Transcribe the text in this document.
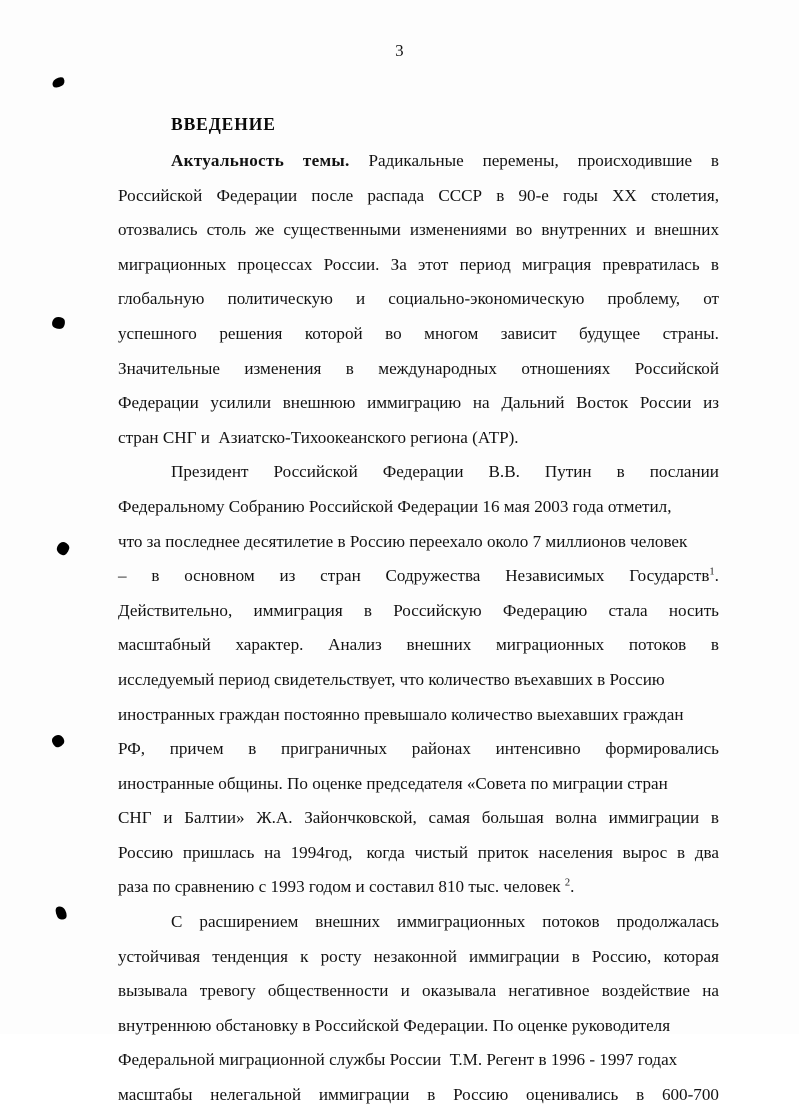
3
ВВЕДЕНИЕ
Актуальность темы. Радикальные перемены, происходившие в
Российской Федерации после распада СССР в 90-е годы XX столетия,
отозвались столь же существенными изменениями во внутренних и внешних
миграционных процессах России. За этот период миграция превратилась в
глобальную политическую и социально-экономическую проблему, от
успешного решения которой во многом зависит будущее страны.
Значительные изменения в международных отношениях Российской
Федерации усилили внешнюю иммиграцию на Дальний Восток России из
стран СНГ и  Азиатско-Тихоокеанского региона (АТР).
Президент Российской Федерации В.В. Путин в послании
Федеральному Собранию Российской Федерации 16 мая 2003 года отметил,
что за последнее десятилетие в Россию переехало около 7 миллионов человек
– в основном из стран Содружества Независимых Государств$^1$.
Действительно, иммиграция в Российскую Федерацию стала носить
масштабный характер. Анализ внешних миграционных потоков в
исследуемый период свидетельствует, что количество въехавших в Россию
иностранных граждан постоянно превышало количество выехавших граждан
РФ, причем в приграничных районах интенсивно формировались
иностранные общины. По оценке председателя «Совета по миграции стран
СНГ и Балтии» Ж.А. Зайончковской, самая большая волна иммиграции в
Россию пришлась на 1994год, когда чистый приток населения вырос в два
раза по сравнению с 1993 годом и составил 810 тыс. человек $^2$.
С расширением внешних иммиграционных потоков продолжалась
устойчивая тенденция к росту незаконной иммиграции в Россию, которая
вызывала тревогу общественности и оказывала негативное воздействие на
внутреннюю обстановку в Российской Федерации. По оценке руководителя
Федеральной миграционной службы России  Т.М. Регент в 1996 - 1997 годах
масштабы нелегальной иммиграции в Россию оценивались в 600-700
